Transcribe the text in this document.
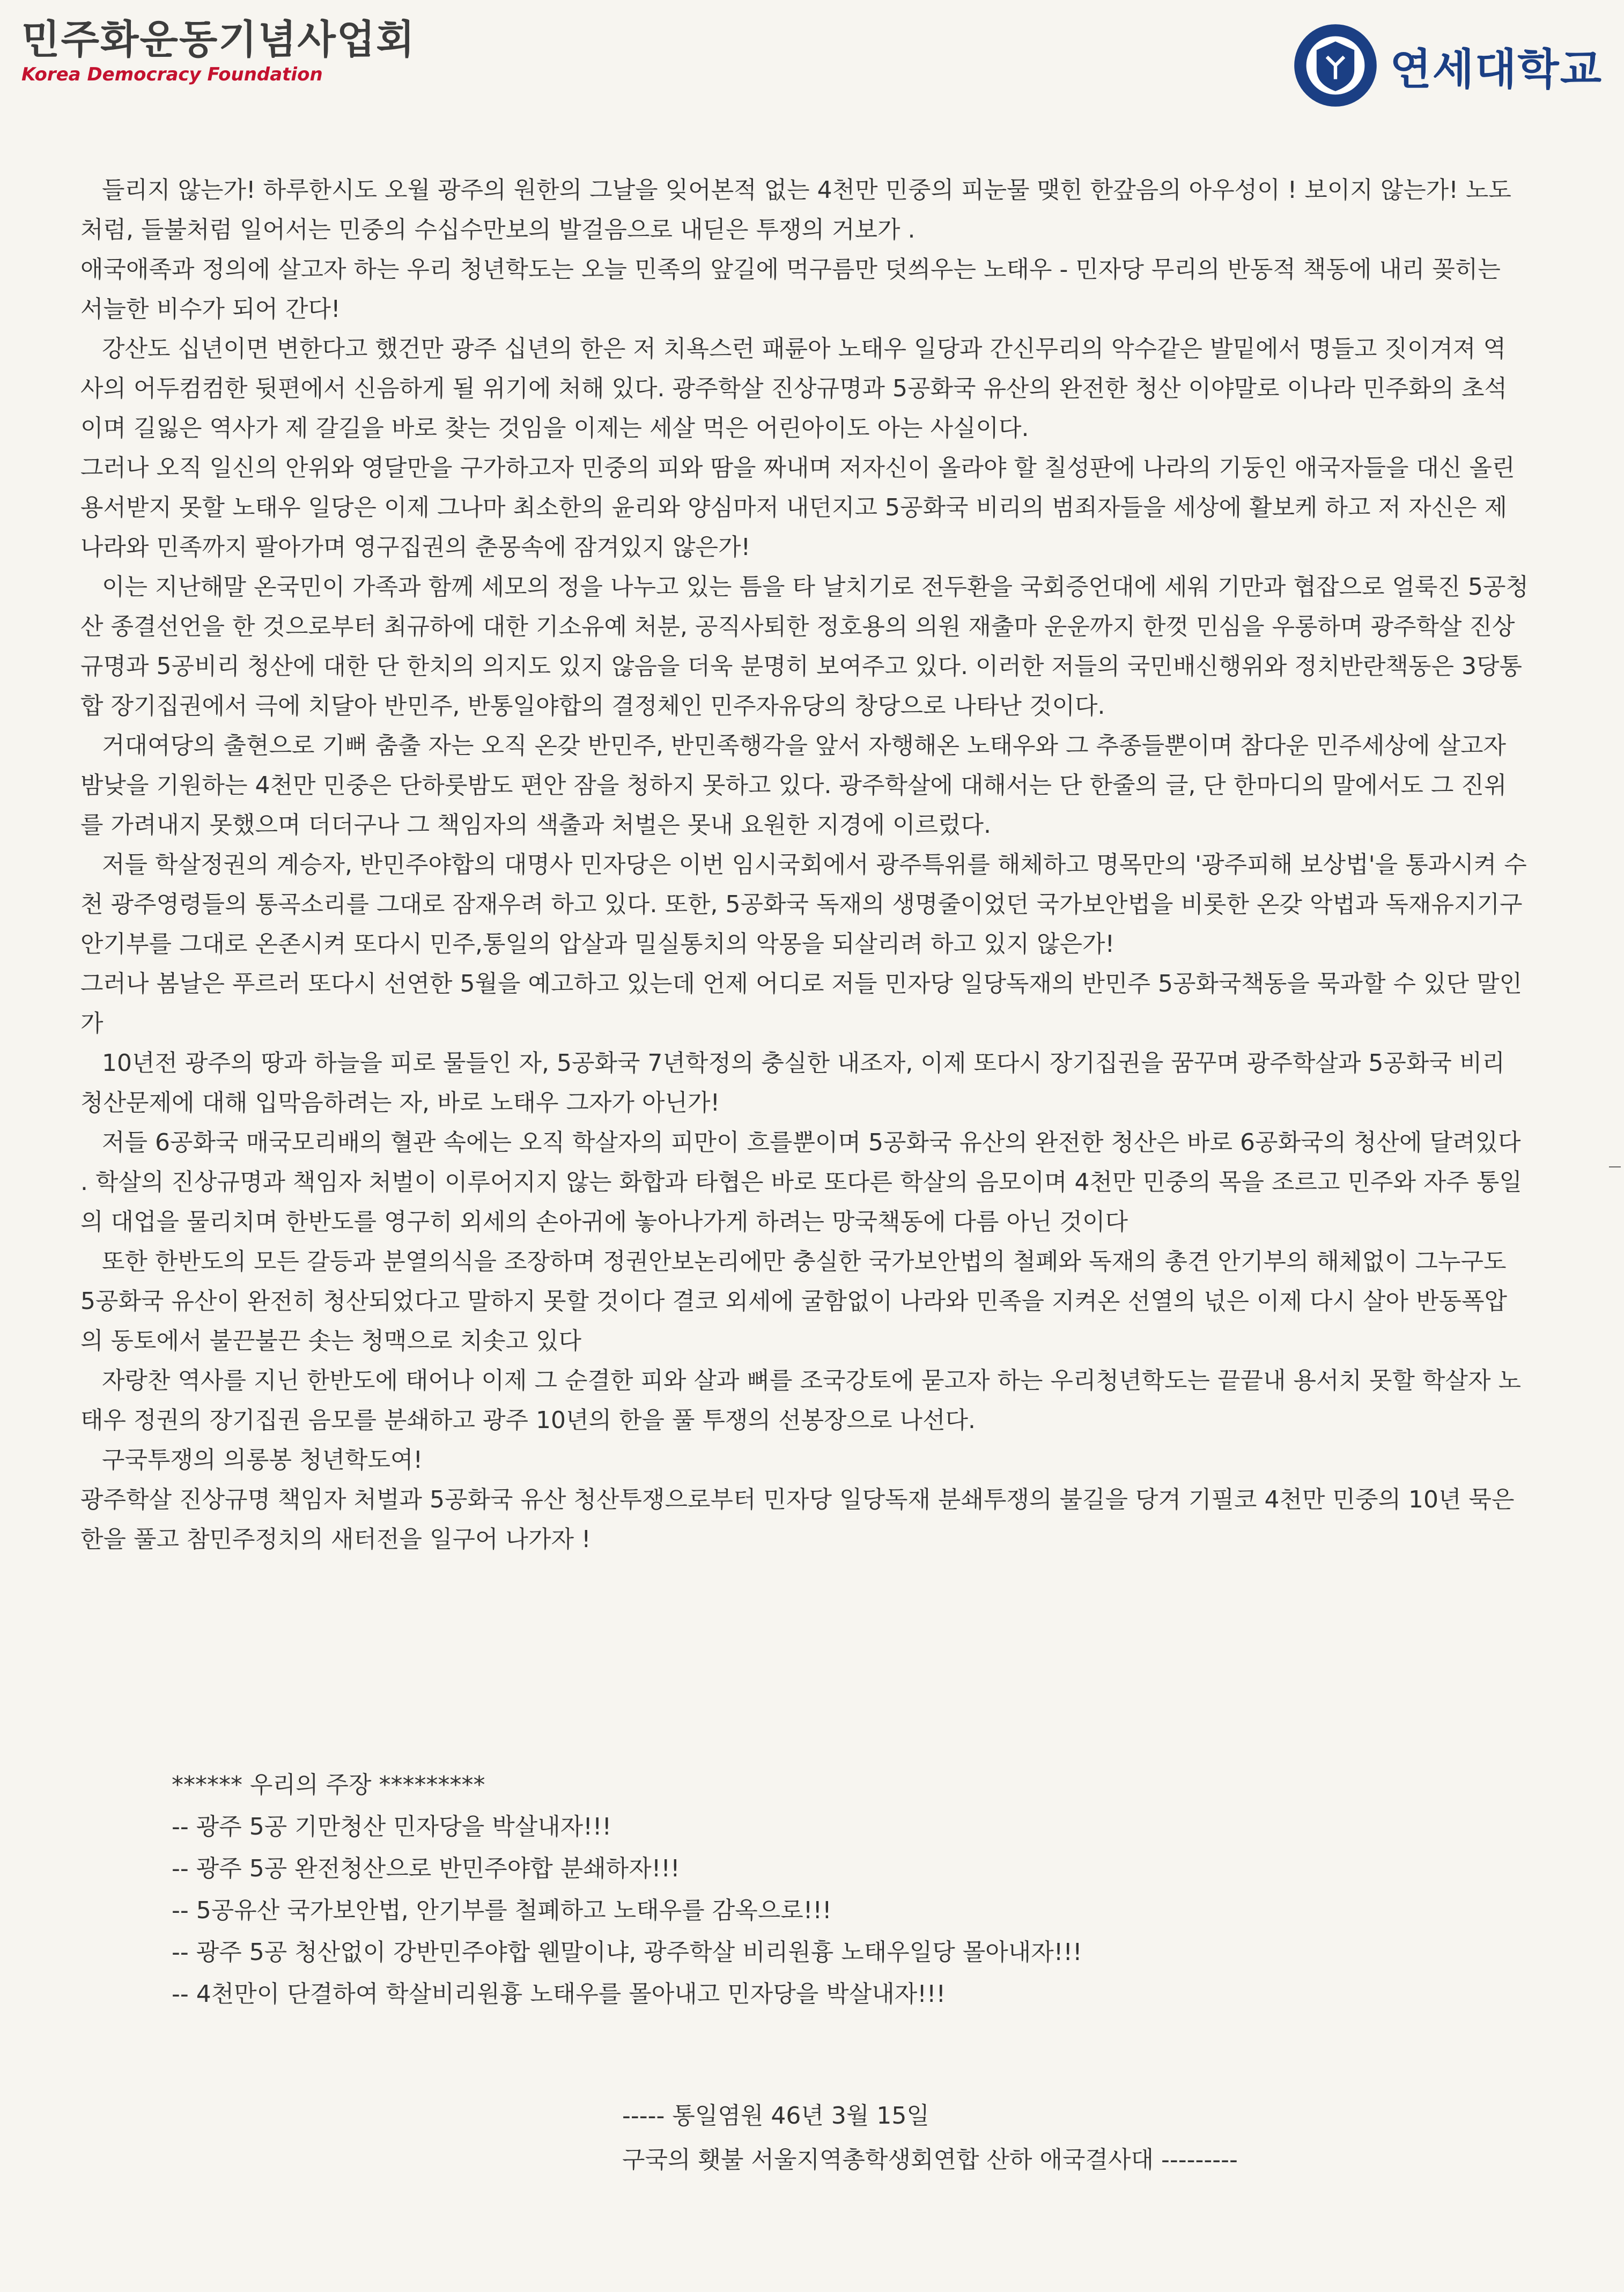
민주화운동기념사업회
Korea Democracy Foundation	연세대학교

들리지 않는가! 하루한시도 오월 광주의 원한의 그날을 잊어본적 없는 4천만 민중의 피눈물 맺힌 한갚음의 아우성이 ! 보이지 않는가! 노도처럼, 들불처럼 일어서는 민중의 수십수만보의 발걸음으로 내딛은 투쟁의 거보가 .

애국애족과 정의에 살고자 하는 우리 청년학도는 오늘 민족의 앞길에 먹구름만 덧씌우는 노태우 - 민자당 무리의 반동적 책동에 내리 꽂히는 서늘한 비수가 되어 간다!

강산도 십년이면 변한다고 했건만 광주 십년의 한은 저 치욕스런 패륜아 노태우 일당과 간신무리의 악수같은 발밑에서 명들고 짓이겨져 역사의 어두컴컴한 뒷편에서 신음하게 될 위기에 처해 있다. 광주학살 진상규명과 5공화국 유산의 완전한 청산 이야말로 이나라 민주화의 초석이며 길잃은 역사가 제 갈길을 바로 찾는 것임을 이제는 세살 먹은 어린아이도 아는 사실이다.

그러나 오직 일신의 안위와 영달만을 구가하고자 민중의 피와 땀을 짜내며 저자신이 올라야 할 칠성판에 나라의 기둥인 애국자들을 대신 올린 용서받지 못할 노태우 일당은 이제 그나마 최소한의 윤리와 양심마저 내던지고 5공화국 비리의 범죄자들을 세상에 활보케 하고 저 자신은 제 나라와 민족까지 팔아가며 영구집권의 춘몽속에 잠겨있지 않은가!

이는 지난해말 온국민이 가족과 함께 세모의 정을 나누고 있는 틈을 타 날치기로 전두환을 국회증언대에 세워 기만과 협잡으로 얼룩진 5공청산 종결선언을 한 것으로부터 최규하에 대한 기소유예 처분, 공직사퇴한 정호용의 의원 재출마 운운까지 한껏 민심을 우롱하며 광주학살 진상규명과 5공비리 청산에 대한 단 한치의 의지도 있지 않음을 더욱 분명히 보여주고 있다. 이러한 저들의 국민배신행위와 정치반란책동은 3당통합 장기집권에서 극에 치달아 반민주, 반통일야합의 결정체인 민주자유당의 창당으로 나타난 것이다.

거대여당의 출현으로 기뻐 춤출 자는 오직 온갖 반민주, 반민족행각을 앞서 자행해온 노태우와 그 추종들뿐이며 참다운 민주세상에 살고자 밤낮을 기원하는 4천만 민중은 단하룻밤도 편안 잠을 청하지 못하고 있다. 광주학살에 대해서는 단 한줄의 글, 단 한마디의 말에서도 그 진위를 가려내지 못했으며 더더구나 그 책임자의 색출과 처벌은 못내 요원한 지경에 이르렀다.

저들 학살정권의 계승자, 반민주야합의 대명사 민자당은 이번 임시국회에서 광주특위를 해체하고 명목만의 '광주피해 보상법'을 통과시켜 수천 광주영령들의 통곡소리를 그대로 잠재우려 하고 있다. 또한, 5공화국 독재의 생명줄이었던 국가보안법을 비롯한 온갖 악법과 독재유지기구 안기부를 그대로 온존시켜 또다시 민주,통일의 압살과 밀실통치의 악몽을 되살리려 하고 있지 않은가!

그러나 봄날은 푸르러 또다시 선연한 5월을 예고하고 있는데 언제 어디로 저들 민자당 일당독재의 반민주 5공화국책동을 묵과할 수 있단 말인가

10년전 광주의 땅과 하늘을 피로 물들인 자, 5공화국 7년학정의 충실한 내조자, 이제 또다시 장기집권을 꿈꾸며 광주학살과 5공화국 비리 청산문제에 대해 입막음하려는 자, 바로 노태우 그자가 아닌가!

저들 6공화국 매국모리배의 혈관 속에는 오직 학살자의 피만이 흐를뿐이며 5공화국 유산의 완전한 청산은 바로 6공화국의 청산에 달려있다 . 학살의 진상규명과 책임자 처벌이 이루어지지 않는 화합과 타협은 바로 또다른 학살의 음모이며 4천만 민중의 목을 조르고 민주와 자주 통일의 대업을 물리치며 한반도를 영구히 외세의 손아귀에 놓아나가게 하려는 망국책동에 다름 아닌 것이다

또한 한반도의 모든 갈등과 분열의식을 조장하며 정권안보논리에만 충실한 국가보안법의 철폐와 독재의 총견 안기부의 해체없이 그누구도 5공화국 유산이 완전히 청산되었다고 말하지 못할 것이다 결코 외세에 굴함없이 나라와 민족을 지켜온 선열의 넋은 이제 다시 살아 반동폭압의 동토에서 불끈불끈 솟는 청맥으로 치솟고 있다

자랑찬 역사를 지닌 한반도에 태어나 이제 그 순결한 피와 살과 뼈를 조국강토에 묻고자 하는 우리청년학도는 끝끝내 용서치 못할 학살자 노태우 정권의 장기집권 음모를 분쇄하고 광주 10년의 한을 풀 투쟁의 선봉장으로 나선다.

구국투쟁의 의롱봉 청년학도여!

광주학살 진상규명 책임자 처벌과 5공화국 유산 청산투쟁으로부터 민자당 일당독재 분쇄투쟁의 불길을 당겨 기필코 4천만 민중의 10년 묵은 한을 풀고 참민주정치의 새터전을 일구어 나가자 !

****** 우리의 주장 *********
-- 광주 5공 기만청산 민자당을 박살내자!!!
-- 광주 5공 완전청산으로 반민주야합 분쇄하자!!!
-- 5공유산 국가보안법, 안기부를 철폐하고 노태우를 감옥으로!!!
-- 광주 5공 청산없이 강반민주야합 웬말이냐, 광주학살 비리원흉 노태우일당 몰아내자!!!
-- 4천만이 단결하여 학살비리원흉 노태우를 몰아내고 민자당을 박살내자!!!
----- 통일염원 46년 3월 15일
구국의 횃불 서울지역총학생회연합 산하 애국결사대 ---------
